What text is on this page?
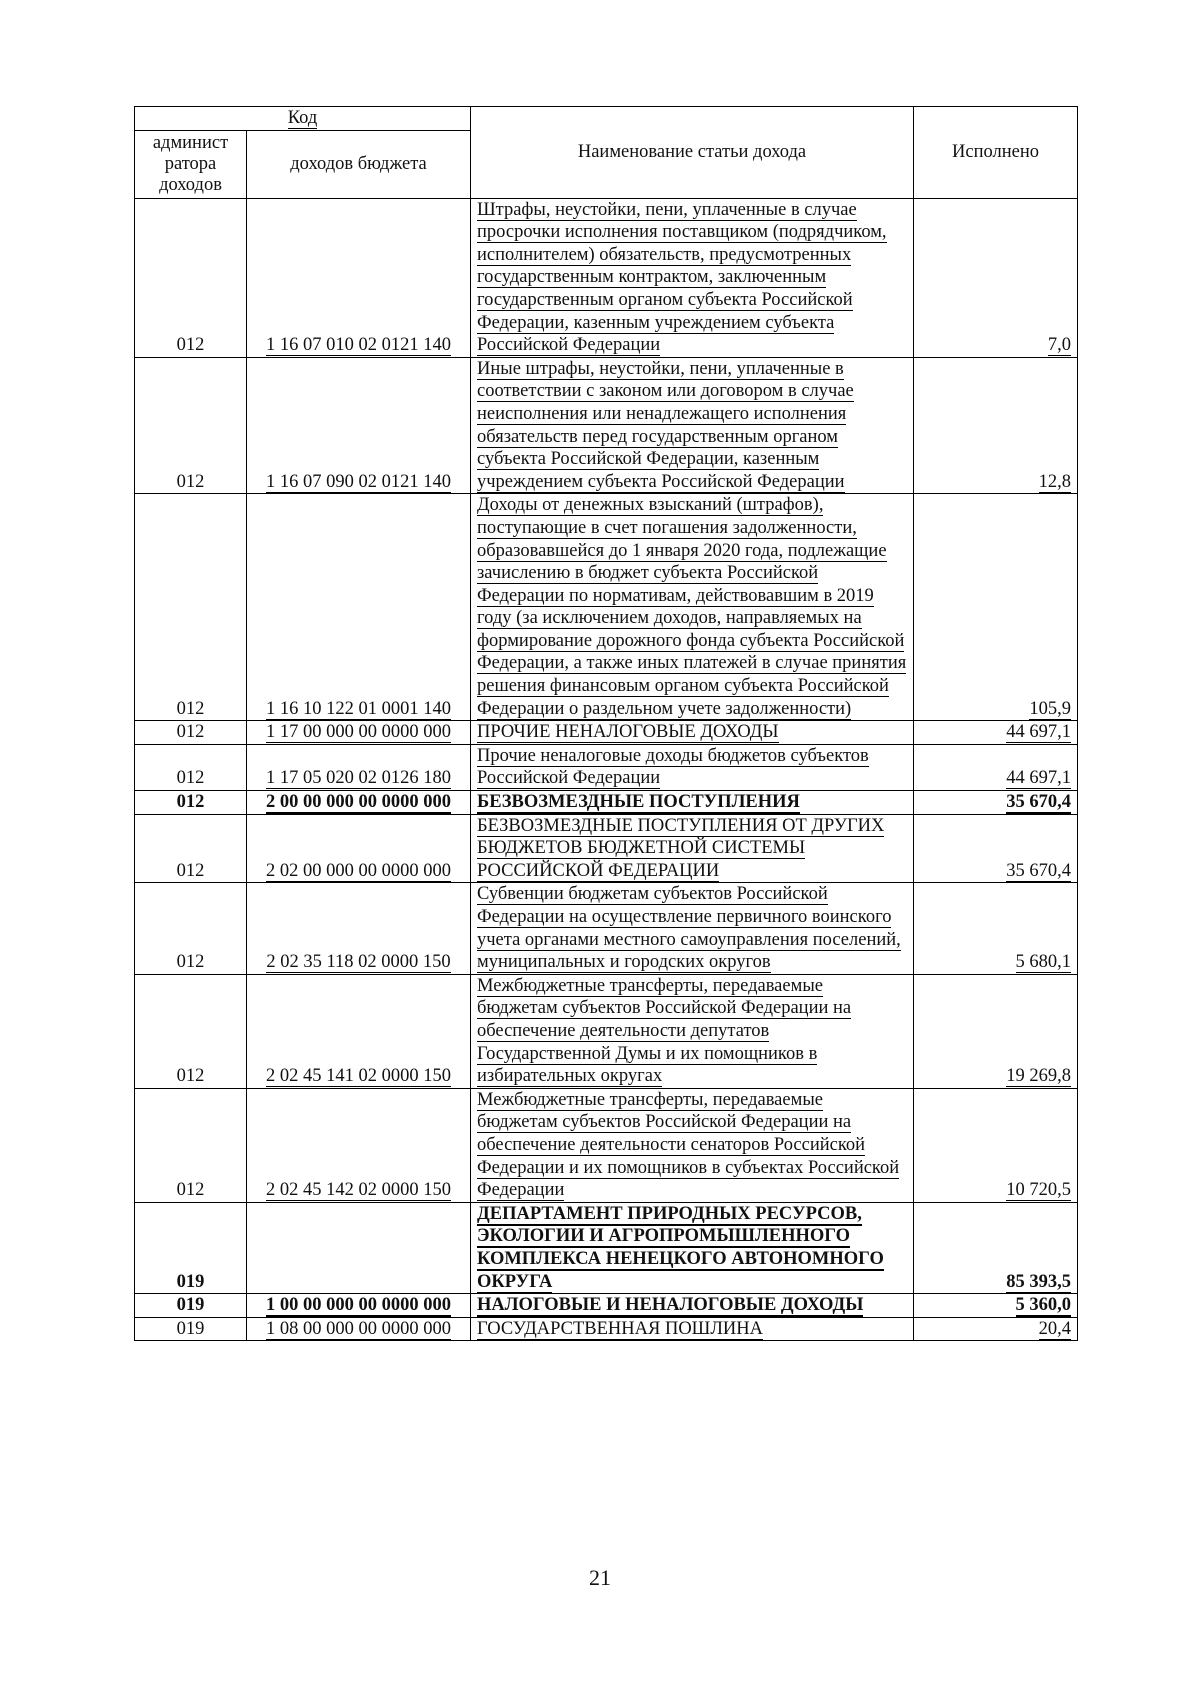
Код		Наименование статьи дохода	Исполнено
админист ратора доходов	доходов бюджета		
012	1 16 07 010 02 0121 140	Штрафы, неустойки, пени, уплаченные в случае просрочки исполнения поставщиком (подрядчиком, исполнителем) обязательств, предусмотренных государственным контрактом, заключенным государственным органом субъекта Российской Федерации, казенным учреждением субъекта Российской Федерации	7,0
012	1 16 07 090 02 0121 140	Иные штрафы, неустойки, пени, уплаченные в соответствии с законом или договором в случае неисполнения или ненадлежащего исполнения обязательств перед государственным органом субъекта Российской Федерации, казенным учреждением субъекта Российской Федерации	12,8
012	1 16 10 122 01 0001 140	Доходы от денежных взысканий (штрафов), поступающие в счет погашения задолженности, образовавшейся до 1 января 2020 года, подлежащие зачислению в бюджет субъекта Российской Федерации по нормативам, действовавшим в 2019 году (за исключением доходов, направляемых на формирование дорожного фонда субъекта Российской Федерации, а также иных платежей в случае принятия решения финансовым органом субъекта Российской Федерации о раздельном учете задолженности)	105,9
012	1 17 00 000 00 0000 000	ПРОЧИЕ НЕНАЛОГОВЫЕ ДОХОДЫ	44 697,1
012	1 17 05 020 02 0126 180	Прочие неналоговые доходы бюджетов субъектов Российской Федерации	44 697,1
012	2 00 00 000 00 0000 000	БЕЗВОЗМЕЗДНЫЕ ПОСТУПЛЕНИЯ	35 670,4
012	2 02 00 000 00 0000 000	БЕЗВОЗМЕЗДНЫЕ ПОСТУПЛЕНИЯ ОТ ДРУГИХ БЮДЖЕТОВ БЮДЖЕТНОЙ СИСТЕМЫ РОССИЙСКОЙ ФЕДЕРАЦИИ	35 670,4
012	2 02 35 118 02 0000 150	Субвенции бюджетам субъектов Российской Федерации на осуществление первичного воинского учета органами местного самоуправления поселений, муниципальных и городских округов	5 680,1
012	2 02 45 141 02 0000 150	Межбюджетные трансферты, передаваемые бюджетам субъектов Российской Федерации на обеспечение деятельности депутатов Государственной Думы и их помощников в избирательных округах	19 269,8
012	2 02 45 142 02 0000 150	Межбюджетные трансферты, передаваемые бюджетам субъектов Российской Федерации на обеспечение деятельности сенаторов Российской Федерации и их помощников в субъектах Российской Федерации	10 720,5
019		ДЕПАРТАМЕНТ ПРИРОДНЫХ РЕСУРСОВ, ЭКОЛОГИИ И АГРОПРОМЫШЛЕННОГО КОМПЛЕКСА НЕНЕЦКОГО АВТОНОМНОГО ОКРУГА	85 393,5
019	1 00 00 000 00 0000 000	НАЛОГОВЫЕ И НЕНАЛОГОВЫЕ ДОХОДЫ	5 360,0
019	1 08 00 000 00 0000 000	ГОСУДАРСТВЕННАЯ ПОШЛИНА	20,4
21
